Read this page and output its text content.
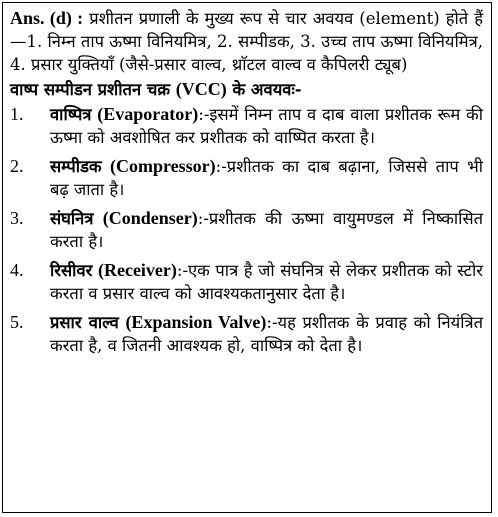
Ans. (d) : प्रशीतन प्रणाली के मुख्य रूप से चार अवयव (element) होते हैं—1. निम्न ताप ऊष्मा विनियमित्र, 2. सम्पीडक, 3. उच्च ताप ऊष्मा विनियमित्र, 4. प्रसार युक्तियाँ (जैसे-प्रसार वाल्व, थ्राॅटल वाल्व व कैपिलरी ट्यूब)

वाष्प सम्पीडन प्रशीतन चक्र (VCC) के अवयवः-
1.	वाष्पित्र (Evaporator):-इसमें निम्न ताप व दाब वाला प्रशीतक रूम की ऊष्मा को अवशोषित कर प्रशीतक को वाष्पित करता है।
2.	सम्पीडक (Compressor):-प्रशीतक का दाब बढ़ाना, जिससे ताप भी बढ़ जाता है।
3.	संघनित्र (Condenser):-प्रशीतक की ऊष्मा वायुमण्डल में निष्कासित करता है।
4.	रिसीवर (Receiver):-एक पात्र है जो संघनित्र से लेकर प्रशीतक को स्टोर करता व प्रसार वाल्व को आवश्यकतानुसार देता है।
5.	प्रसार वाल्व (Expansion Valve):-यह प्रशीतक के प्रवाह को नियंत्रित करता है, व जितनी आवश्यक हो, वाष्पित्र को देता है।
